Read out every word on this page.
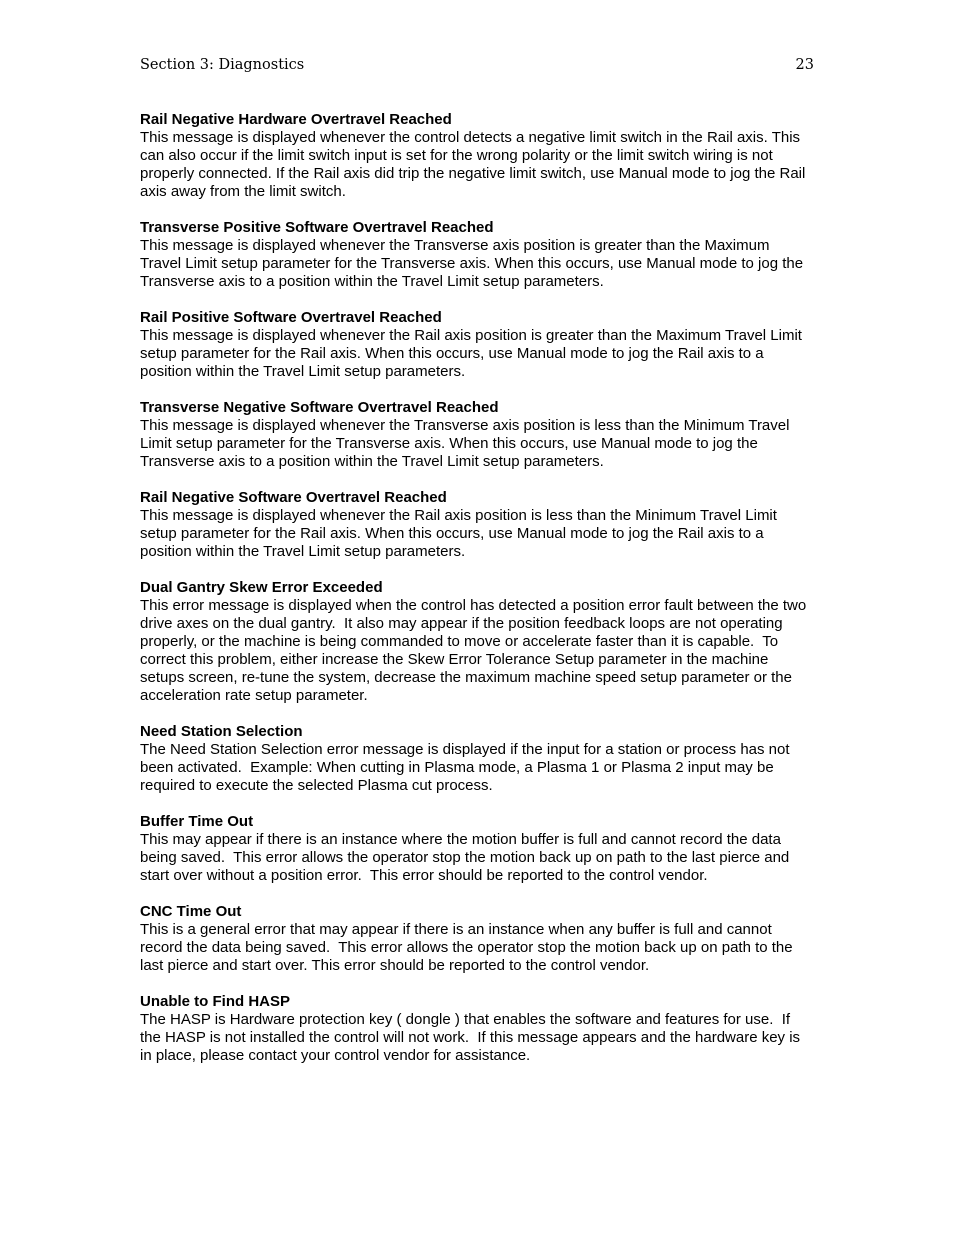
Section 3: Diagnostics	23

Rail Negative Hardware Overtravel Reached

This message is displayed whenever the control detects a negative limit switch in the Rail axis. This
can also occur if the limit switch input is set for the wrong polarity or the limit switch wiring is not
properly connected. If the Rail axis did trip the negative limit switch, use Manual mode to jog the Rail
axis away from the limit switch.

Transverse Positive Software Overtravel Reached

This message is displayed whenever the Transverse axis position is greater than the Maximum
Travel Limit setup parameter for the Transverse axis. When this occurs, use Manual mode to jog the
Transverse axis to a position within the Travel Limit setup parameters.

Rail Positive Software Overtravel Reached

This message is displayed whenever the Rail axis position is greater than the Maximum Travel Limit
setup parameter for the Rail axis. When this occurs, use Manual mode to jog the Rail axis to a
position within the Travel Limit setup parameters.

Transverse Negative Software Overtravel Reached

This message is displayed whenever the Transverse axis position is less than the Minimum Travel
Limit setup parameter for the Transverse axis. When this occurs, use Manual mode to jog the
Transverse axis to a position within the Travel Limit setup parameters.

Rail Negative Software Overtravel Reached

This message is displayed whenever the Rail axis position is less than the Minimum Travel Limit
setup parameter for the Rail axis. When this occurs, use Manual mode to jog the Rail axis to a
position within the Travel Limit setup parameters.

Dual Gantry Skew Error Exceeded

This error message is displayed when the control has detected a position error fault between the two
drive axes on the dual gantry.  It also may appear if the position feedback loops are not operating
properly, or the machine is being commanded to move or accelerate faster than it is capable.  To
correct this problem, either increase the Skew Error Tolerance Setup parameter in the machine
setups screen, re-tune the system, decrease the maximum machine speed setup parameter or the
acceleration rate setup parameter.

Need Station Selection

The Need Station Selection error message is displayed if the input for a station or process has not
been activated.  Example: When cutting in Plasma mode, a Plasma 1 or Plasma 2 input may be
required to execute the selected Plasma cut process.

Buffer Time Out

This may appear if there is an instance where the motion buffer is full and cannot record the data
being saved.  This error allows the operator stop the motion back up on path to the last pierce and
start over without a position error.  This error should be reported to the control vendor.

CNC Time Out

This is a general error that may appear if there is an instance when any buffer is full and cannot
record the data being saved.  This error allows the operator stop the motion back up on path to the
last pierce and start over. This error should be reported to the control vendor.

Unable to Find HASP

The HASP is Hardware protection key ( dongle ) that enables the software and features for use.  If
the HASP is not installed the control will not work.  If this message appears and the hardware key is
in place, please contact your control vendor for assistance.
